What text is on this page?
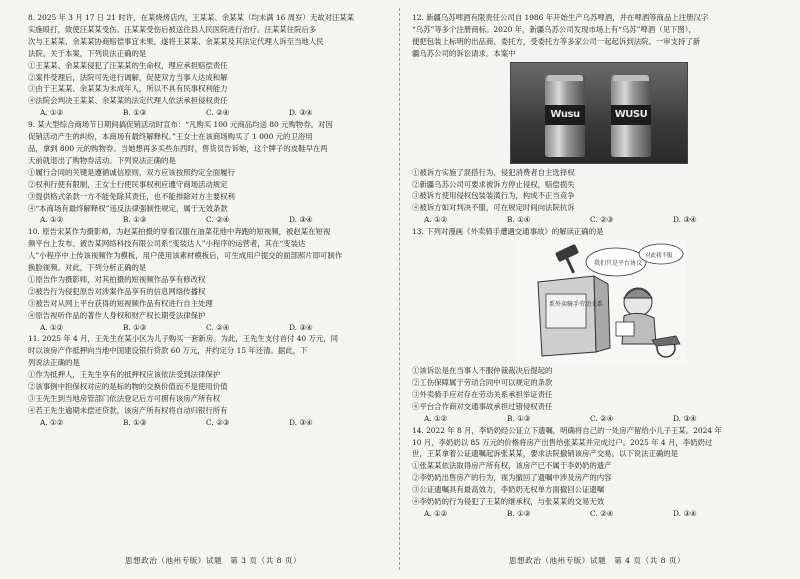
8. 2025 年 3 月 17 日 21 时许，在某烧烤店内，王某某、余某某（均未满 16 周岁）无故对汪某某
实施殴打，致使汪某某受伤。汪某某受伤后被送往县人民医院进行治疗。汪某某住院后多
次与王某某、余某某协商赔偿事宜未果，遂将王某某、余某某及其法定代理人诉至当地人民
法院。关于本案，下列说法正确的是
①王某某、余某某侵犯了汪某某的生命权，理应承担赔偿责任
②案件受理后，法院可先进行调解，促使双方当事人达成和解
③由于王某某、余某某为未成年人，所以不具有民事权利能力
④法院会判决王某某、余某某的法定代理人依法承担侵权责任
A. ①②	B. ①③	C. ②④	D. ③④
9. 某大型综合商场节日期间搞促销活动时宣布：“凡购买 100 元商品均送 80 元购物券。对因
促销活动产生的纠纷，本商场有最终解释权。”王女士在该商场购买了 1 000 元的卫浴用
品，拿到 800 元的购物券。当她想再多买些东西时，售货员告诉她，这个牌子的皮鞋早在两
天前就退出了购物券活动。下列说法正确的是
①履行合同的关键是遵循诚信原则，双方应该按照约定全面履行
②权利行使有限制，王女士行使民事权利应遵守商场活动规定
③提供格式条款一方不能免除其责任，也不能排除对方主要权利
④“本商场有最终解释权”违反法律强制性规定，属于无效条款
A. ①②	B. ①③	C. ②④	D. ③④
10. 原告宋某作为摄影师，为赵某拍摄的穿着汉服在油菜花地中奔跑的短视频，被赵某在短视
频平台上发布。被告某网络科技有限公司系“变装达人”小程序的运营者，其在“变装达
人”小程序中上传该视频作为模板，用户使用该素材模板后，可生成用户提交的面部照片即可制作
换脸视频。对此，下列分析正确的是
①原告作为摄影师，对其拍摄的短视频作品享有修改权
②被告行为侵犯原告对涉案作品享有的信息网络传播权
③被告对从网上平台获得的短视频作品有权进行自主处理
④原告视听作品的著作人身权和财产权长期受法律保护
A. ①②	B. ①③	C. ②④	D. ③④
11. 2025 年 4 月，王先生在某小区为儿子购买一套新房。为此，王先生支付首付 40 万元，同
时以该房产作抵押向当地中国建设银行贷款 60 万元，并约定分 15 年还清。据此，下
列说法正确的是
①作为抵押人，王先生享有的抵押权应该依法受到法律保护
②该事例中担保权对应的是标的物的交换价值而不是使用价值
③王先生到当地房管部门依法登记后方可拥有该房产所有权
④若王先生逾期未偿还贷款，该房产所有权将自动归银行所有
A. ①②	B. ①③	C. ②③	D. ③④
思想政治（池州专版）试题　第 3 页（共 8 页）
12. 新疆乌苏啤酒有限责任公司自 1986 年开始生产乌苏啤酒，并在啤酒等商品上注册汉字
“乌苏”等多个注册商标。2020 年，新疆乌苏公司发现市场上有“乌苏”啤酒（见下图），
便把包装上标明的出品商、委托方，受委托方等多家公司一起起诉到法院。一审支持了新
疆乌苏公司的诉讼请求。本案中
Wusu	WUSU
①被诉方实施了混搭行为，侵犯消费者自主选择权
②新疆乌苏公司可要求被诉方停止侵权，赔偿损失
③被诉方使用侵权包装装潢行为，构成不正当竞争
④被诉方如对判决不服，可在规定时间向法院抗诉
A. ①②	B. ①④	C. ②③	D. ③④
13. 下列对漫画《外卖骑手遭遇交通事故》的解读正确的是
系外卖骑手劳动关系
我们只是平台协议
对此我不服
①该诉讼是在当事人不服仲裁裁决后提起的
②工伤保障属于劳动合同中可以规定的条款
③外卖骑手应对存在劳动关系承担举证责任
④平台合作商对交通事故承担过错侵权责任
A. ①②	B. ①③	C. ②④	D. ③④
14. 2022 年 8 月，李奶奶经公证立下遗嘱，明确将自己的一处房产留给小儿子王某。2024 年
10 月，李奶奶以 85 万元的价格将房产出售给张某某并完成过户。2025 年 4 月，李奶奶过
世，王某拿着公证遗嘱起诉张某某，要求法院撤销该房产交易。以下说法正确的是
①张某某依法取得房产所有权，该房产已不属于李奶奶的遗产
②李奶奶出售房产的行为，视为撤回了遗嘱中涉及房产的内容
③公证遗嘱具有最高效力，李奶奶无权单方面撤回公证遗嘱
④李奶奶的行为侵犯了王某的继承权，与张某某的交易无效
A. ①②	B. ①③	C. ②④	D. ③④
思想政治（池州专版）试题　第 4 页（共 8 页）
